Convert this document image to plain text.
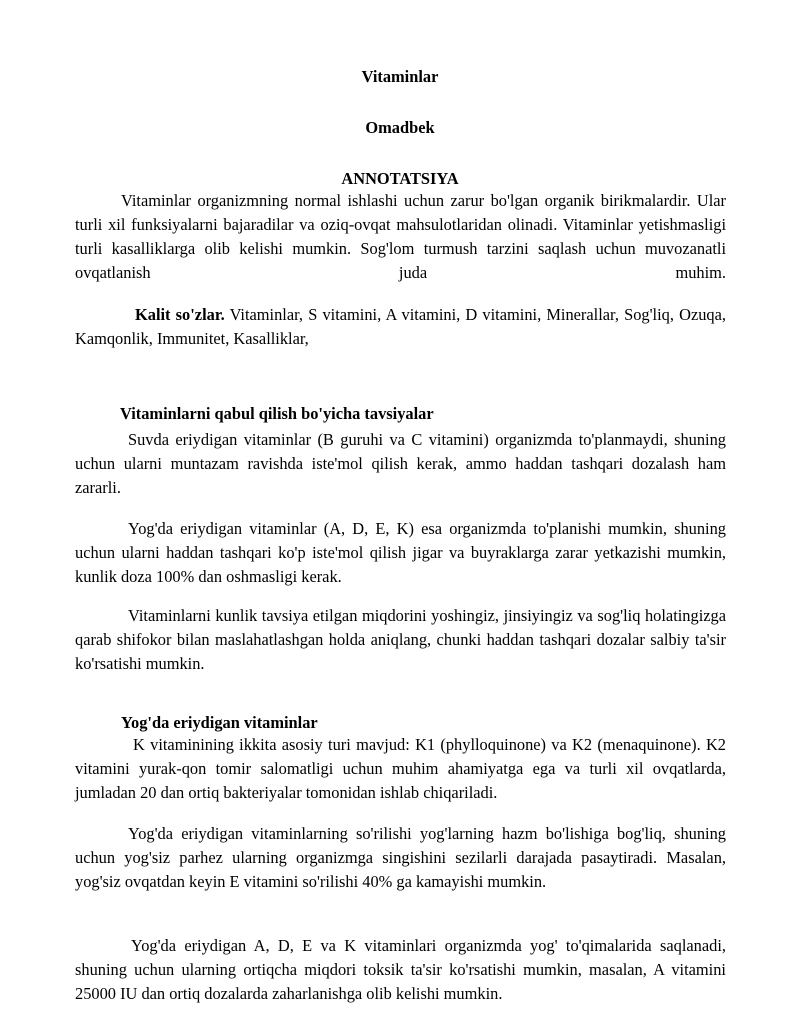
Vitaminlar
Omadbek
ANNOTATSIYA
Vitaminlar organizmning normal ishlashi uchun zarur bo'lgan organik birikmalardir. Ular turli xil funksiyalarni bajaradilar va oziq-ovqat mahsulotlaridan olinadi. Vitaminlar yetishmasligi turli kasalliklarga olib kelishi mumkin. Sog'lom turmush tarzini saqlash uchun muvozanatli ovqatlanish juda muhim.
Kalit so'zlar. Vitaminlar, S vitamini, A vitamini, D vitamini, Minerallar, Sog'liq, Ozuqa, Kamqonlik, Immunitet, Kasalliklar,
Vitaminlarni qabul qilish bo'yicha tavsiyalar
Suvda eriydigan vitaminlar (B guruhi va C vitamini) organizmda to'planmaydi, shuning uchun ularni muntazam ravishda iste'mol qilish kerak, ammo haddan tashqari dozalash ham zararli.
Yog'da eriydigan vitaminlar (A, D, E, K) esa organizmda to'planishi mumkin, shuning uchun ularni haddan tashqari ko'p iste'mol qilish jigar va buyraklarga zarar yetkazishi mumkin, kunlik doza 100% dan oshmasligi kerak.
Vitaminlarni kunlik tavsiya etilgan miqdorini yoshingiz, jinsiyingiz va sog'liq holatingizga qarab shifokor bilan maslahatlashgan holda aniqlang, chunki haddan tashqari dozalar salbiy ta'sir ko'rsatishi mumkin.
Yog'da eriydigan vitaminlar
K vitaminining ikkita asosiy turi mavjud: K1 (phylloquinone) va K2 (menaquinone). K2 vitamini yurak-qon tomir salomatligi uchun muhim ahamiyatga ega va turli xil ovqatlarda, jumladan 20 dan ortiq bakteriyalar tomonidan ishlab chiqariladi.
Yog'da eriydigan vitaminlarning so'rilishi yog'larning hazm bo'lishiga bog'liq, shuning uchun yog'siz parhez ularning organizmga singishini sezilarli darajada pasaytiradi. Masalan, yog'siz ovqatdan keyin E vitamini so'rilishi 40% ga kamayishi mumkin.
Yog'da eriydigan A, D, E va K vitaminlari organizmda yog' to'qimalarida saqlanadi, shuning uchun ularning ortiqcha miqdori toksik ta'sir ko'rsatishi mumkin, masalan, A vitamini 25000 IU dan ortiq dozalarda zaharlanishga olib kelishi mumkin.
